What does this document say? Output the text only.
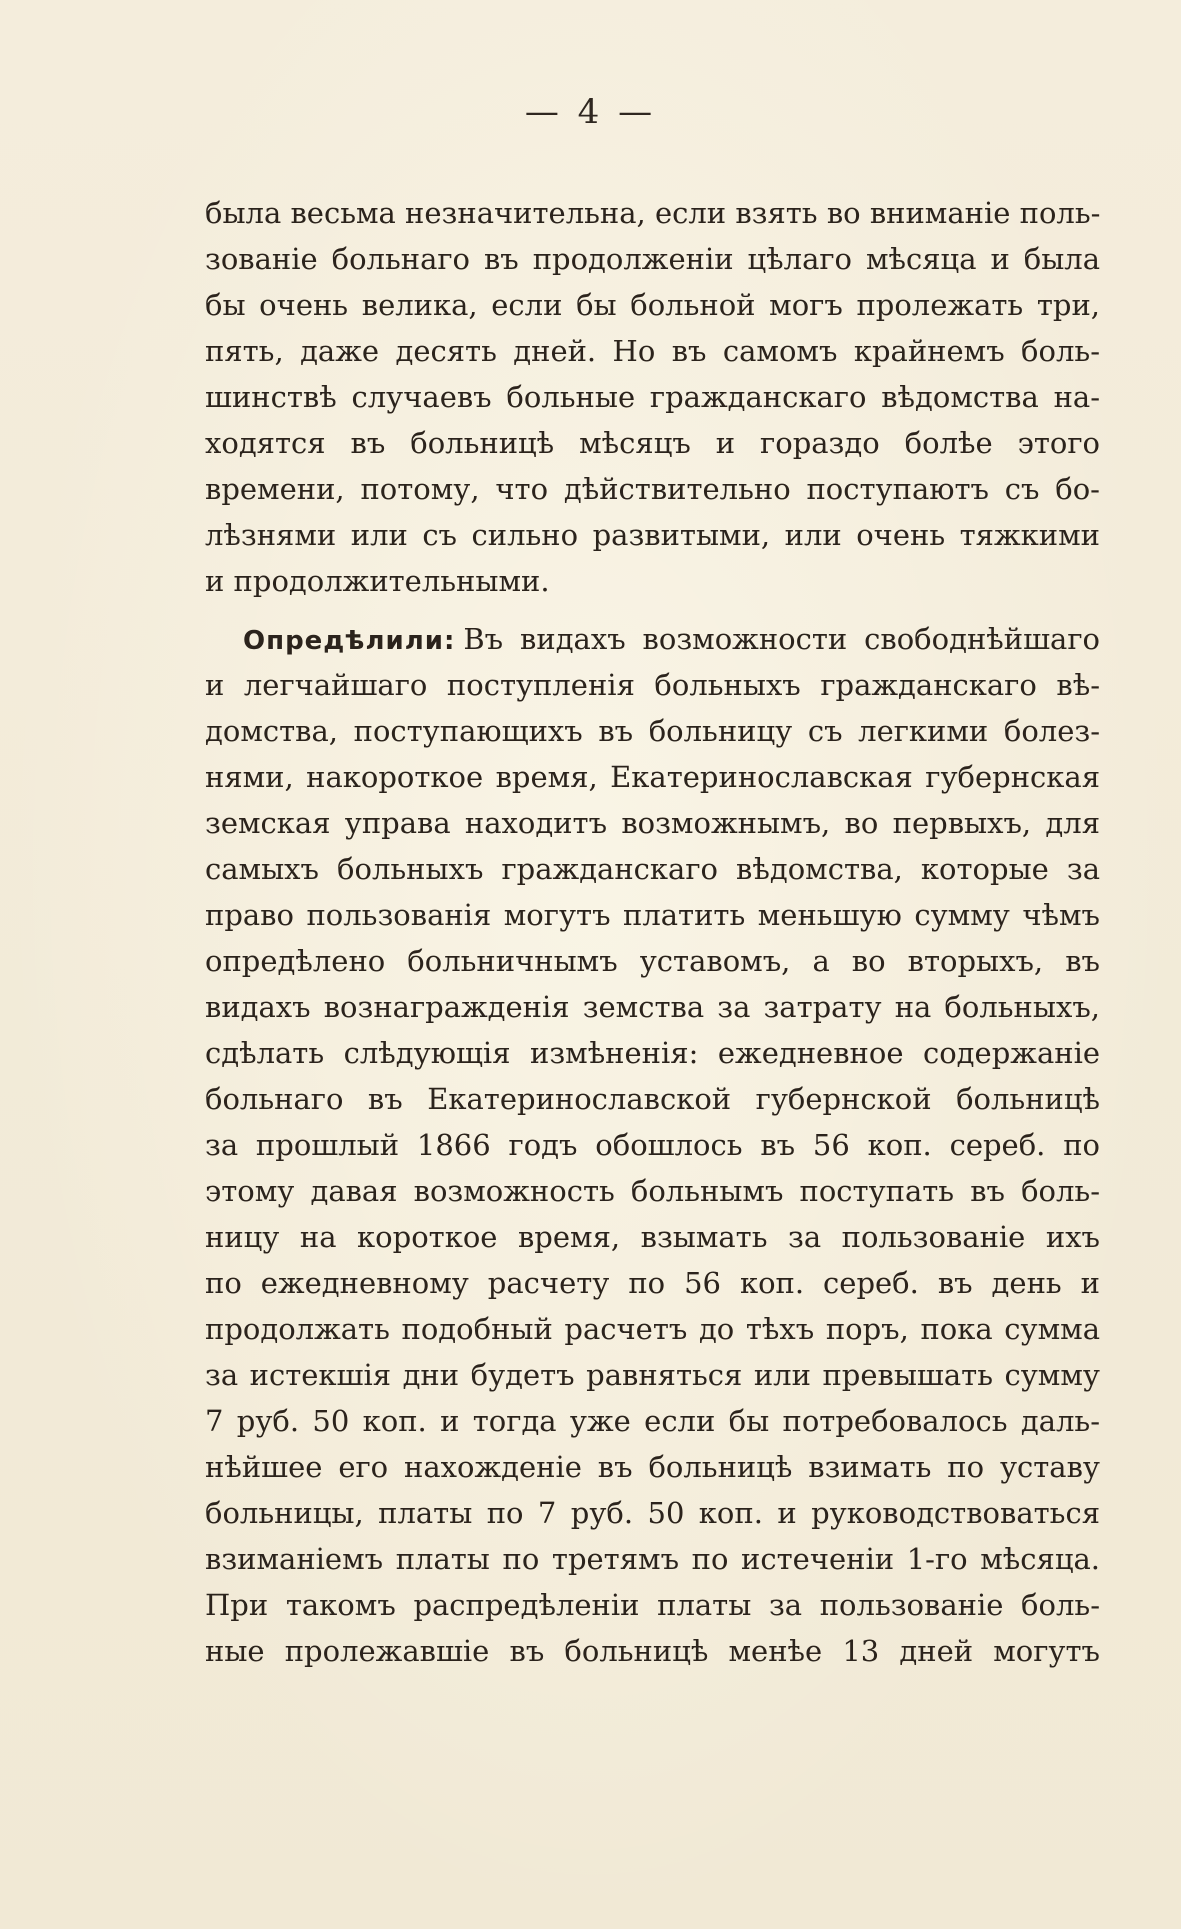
— 4 —
была весьма незначительна, если взять во вниманіе поль-
зованіе больнаго въ продолженіи цѣлаго мѣсяца и была
бы очень велика, если бы больной могъ пролежать три,
пять, даже десять дней. Но въ самомъ крайнемъ боль-
шинствѣ случаевъ больные гражданскаго вѣдомства на-
ходятся въ больницѣ мѣсяцъ и гораздо болѣе этого
времени, потому, что дѣйствительно поступаютъ съ бо-
лѣзнями или съ сильно развитыми, или очень тяжкими
и продолжительными.
Опредѣлили: Въ видахъ возможности свободнѣйшаго
и легчайшаго поступленія больныхъ гражданскаго вѣ-
домства, поступающихъ въ больницу съ легкими болез-
нями, накороткое время, Екатеринославская губернская
земская управа находитъ возможнымъ, во первыхъ, для
самыхъ больныхъ гражданскаго вѣдомства, которые за
право пользованія могутъ платить меньшую сумму чѣмъ
опредѣлено больничнымъ уставомъ, а во вторыхъ, въ
видахъ вознагражденія земства за затрату на больныхъ,
сдѣлать слѣдующія измѣненія: ежедневное содержаніе
больнаго въ Екатеринославской губернской больницѣ
за прошлый 1866 годъ обошлось въ 56 коп. сереб. по
этому давая возможность больнымъ поступать въ боль-
ницу на короткое время, взымать за пользованіе ихъ
по ежедневному расчету по 56 коп. сереб. въ день и
продолжать подобный расчетъ до тѣхъ поръ, пока сумма
за истекшія дни будетъ равняться или превышать сумму
7 руб. 50 коп. и тогда уже если бы потребовалось даль-
нѣйшее его нахожденіе въ больницѣ взимать по уставу
больницы, платы по 7 руб. 50 коп. и руководствоваться
взиманіемъ платы по третямъ по истеченіи 1-го мѣсяца.
При такомъ распредѣленіи платы за пользованіе боль-
ные пролежавшіе въ больницѣ менѣе 13 дней могутъ
